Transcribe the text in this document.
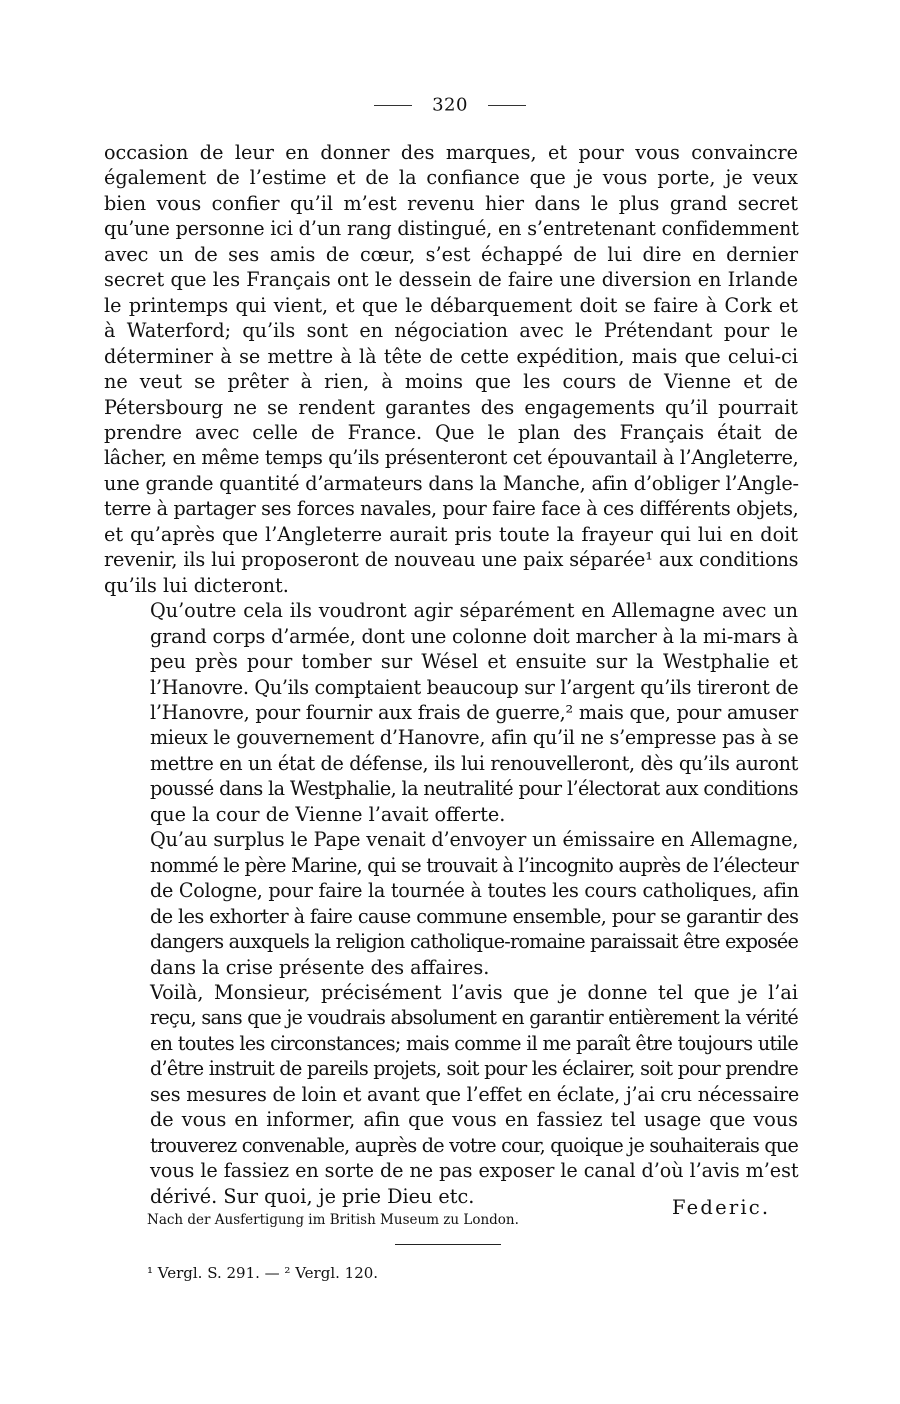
320

occasion de leur en donner des marques, et pour vous convaincre
également de l’estime et de la confiance que je vous porte, je veux
bien vous confier qu’il m’est revenu hier dans le plus grand secret
qu’une personne ici d’un rang distingué, en s’entretenant confidemment
avec un de ses amis de cœur, s’est échappé de lui dire en dernier
secret que les Français ont le dessein de faire une diversion en Irlande
le printemps qui vient, et que le débarquement doit se faire à Cork et
à Waterford; qu’ils sont en négociation avec le Prétendant pour le
déterminer à se mettre à là tête de cette expédition, mais que celui-ci
ne veut se prêter à rien, à moins que les cours de Vienne et de
Pétersbourg ne se rendent garantes des engagements qu’il pourrait
prendre avec celle de France. Que le plan des Français était de
lâcher, en même temps qu’ils présenteront cet épouvantail à l’Angleterre,
une grande quantité d’armateurs dans la Manche, afin d’obliger l’Angle-
terre à partager ses forces navales, pour faire face à ces différents objets,
et qu’après que l’Angleterre aurait pris toute la frayeur qui lui en doit
revenir, ils lui proposeront de nouveau une paix séparée¹ aux conditions
qu’ils lui dicteront.

Qu’outre cela ils voudront agir séparément en Allemagne avec un
grand corps d’armée, dont une colonne doit marcher à la mi-mars à
peu près pour tomber sur Wésel et ensuite sur la Westphalie et
l’Hanovre. Qu’ils comptaient beaucoup sur l’argent qu’ils tireront de
l’Hanovre, pour fournir aux frais de guerre,² mais que, pour amuser
mieux le gouvernement d’Hanovre, afin qu’il ne s’empresse pas à se
mettre en un état de défense, ils lui renouvelleront, dès qu’ils auront
poussé dans la Westphalie, la neutralité pour l’électorat aux conditions
que la cour de Vienne l’avait offerte.

Qu’au surplus le Pape venait d’envoyer un émissaire en Allemagne,
nommé le père Marine, qui se trouvait à l’incognito auprès de l’électeur
de Cologne, pour faire la tournée à toutes les cours catholiques, afin
de les exhorter à faire cause commune ensemble, pour se garantir des
dangers auxquels la religion catholique-romaine paraissait être exposée
dans la crise présente des affaires.

Voilà, Monsieur, précisément l’avis que je donne tel que je l’ai
reçu, sans que je voudrais absolument en garantir entièrement la vérité
en toutes les circonstances; mais comme il me paraît être toujours utile
d’être instruit de pareils projets, soit pour les éclairer, soit pour prendre
ses mesures de loin et avant que l’effet en éclate, j’ai cru nécessaire
de vous en informer, afin que vous en fassiez tel usage que vous
trouverez convenable, auprès de votre cour, quoique je souhaiterais que
vous le fassiez en sorte de ne pas exposer le canal d’où l’avis m’est
dérivé. Sur quoi, je prie Dieu etc.	Federic.
Nach der Ausfertigung im British Museum zu London.
¹ Vergl. S. 291. — ² Vergl. 120.
